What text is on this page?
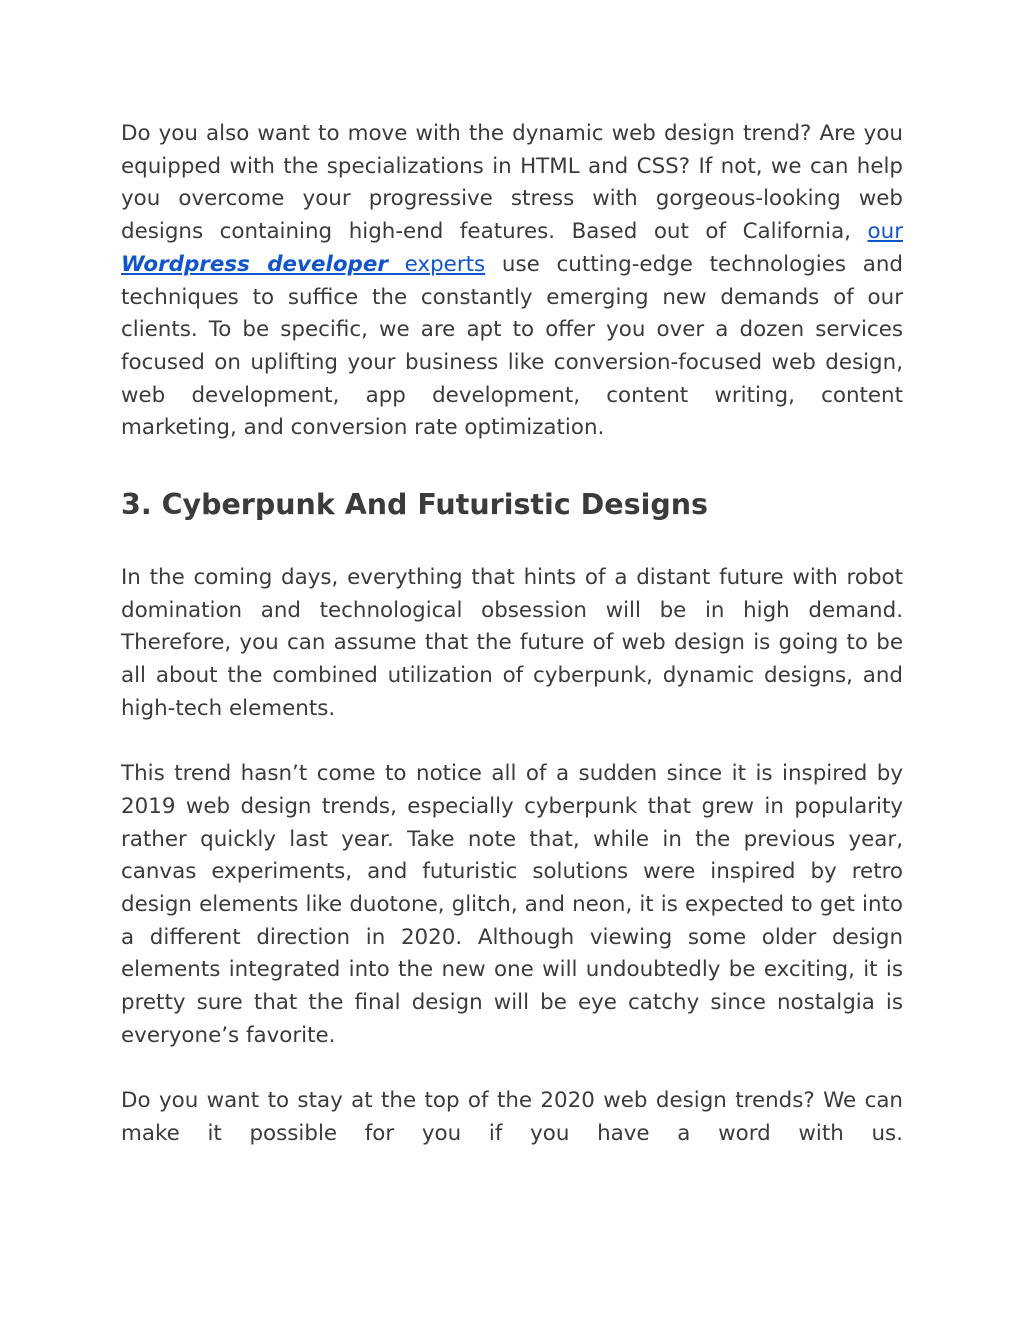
Do you also want to move with the dynamic web design trend? Are you equipped with the specializations in HTML and CSS? If not, we can help you overcome your progressive stress with gorgeous-looking web designs containing high-end features. Based out of California, our Wordpress developer experts use cutting-edge technologies and techniques to suffice the constantly emerging new demands of our clients. To be specific, we are apt to offer you over a dozen services focused on uplifting your business like conversion-focused web design, web development, app development, content writing, content marketing, and conversion rate optimization.

3. Cyberpunk And Futuristic Designs

In the coming days, everything that hints of a distant future with robot domination and technological obsession will be in high demand. Therefore, you can assume that the future of web design is going to be all about the combined utilization of cyberpunk, dynamic designs, and high-tech elements.

This trend hasn’t come to notice all of a sudden since it is inspired by 2019 web design trends, especially cyberpunk that grew in popularity rather quickly last year. Take note that, while in the previous year, canvas experiments, and futuristic solutions were inspired by retro design elements like duotone, glitch, and neon, it is expected to get into a different direction in 2020. Although viewing some older design elements integrated into the new one will undoubtedly be exciting, it is pretty sure that the final design will be eye catchy since nostalgia is everyone’s favorite.

Do you want to stay at the top of the 2020 web design trends? We can make it possible for you if you have a word with us.
